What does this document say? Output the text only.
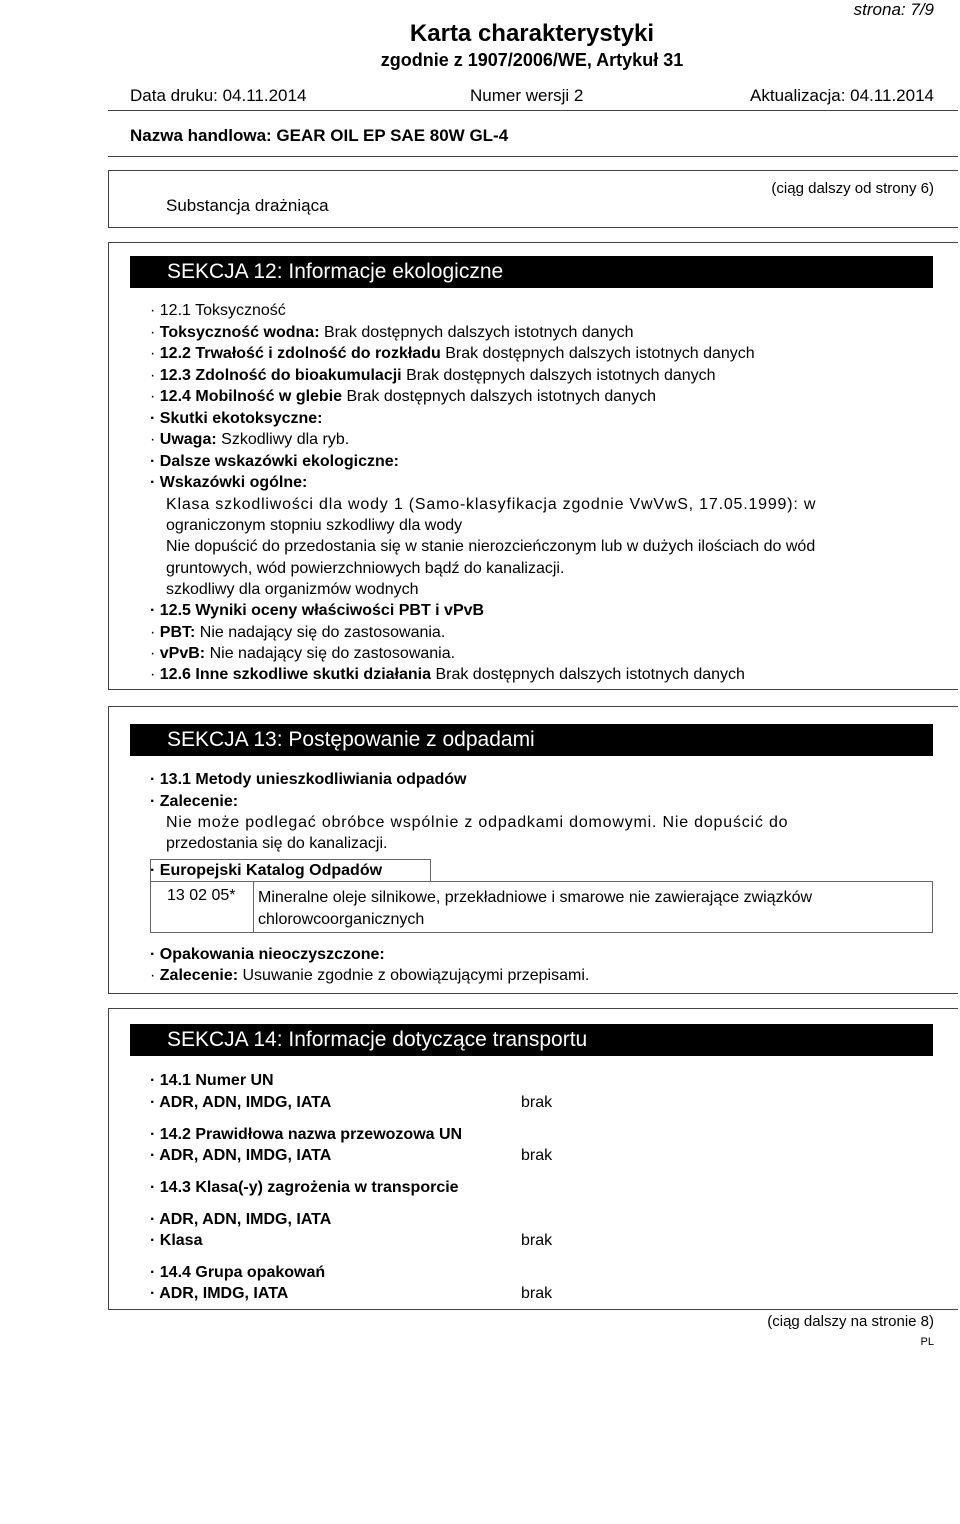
strona: 7/9
Karta charakterystyki
zgodnie z 1907/2006/WE, Artykuł 31
Data druku: 04.11.2014	Numer wersji 2	Aktualizacja: 04.11.2014
Nazwa handlowa: GEAR OIL EP SAE 80W GL-4
Substancja drażniąca
(ciąg dalszy od strony 6)
SEKCJA 12: Informacje ekologiczne
· 12.1 Toksyczność
· Toksyczność wodna: Brak dostępnych dalszych istotnych danych
· 12.2 Trwałość i zdolność do rozkładu Brak dostępnych dalszych istotnych danych
· 12.3 Zdolność do bioakumulacji Brak dostępnych dalszych istotnych danych
· 12.4 Mobilność w glebie Brak dostępnych dalszych istotnych danych
· Skutki ekotoksyczne:
· Uwaga: Szkodliwy dla ryb.
· Dalsze wskazówki ekologiczne:
· Wskazówki ogólne:
Klasa szkodliwości dla wody 1 (Samo-klasyfikacja zgodnie VwVwS, 17.05.1999): w
ograniczonym stopniu szkodliwy dla wody
Nie dopuścić do przedostania się w stanie nierozcieńczonym lub w dużych ilościach do wód
gruntowych, wód powierzchniowych bądź do kanalizacji.
szkodliwy dla organizmów wodnych
· 12.5 Wyniki oceny właściwości PBT i vPvB
· PBT: Nie nadający się do zastosowania.
· vPvB: Nie nadający się do zastosowania.
· 12.6 Inne szkodliwe skutki działania Brak dostępnych dalszych istotnych danych
SEKCJA 13: Postępowanie z odpadami
· 13.1 Metody unieszkodliwiania odpadów
· Zalecenie:
Nie może podlegać obróbce wspólnie z odpadkami domowymi. Nie dopuścić do
przedostania się do kanalizacji.
· Europejski Katalog Odpadów
13 02 05* Mineralne oleje silnikowe, przekładniowe i smarowe nie zawierające związków chlorowcoorganicznych
· Opakowania nieoczyszczone:
· Zalecenie: Usuwanie zgodnie z obowiązującymi przepisami.
SEKCJA 14: Informacje dotyczące transportu
· 14.1 Numer UN
· ADR, ADN, IMDG, IATA	brak
· 14.2 Prawidłowa nazwa przewozowa UN
· ADR, ADN, IMDG, IATA	brak
· 14.3 Klasa(-y) zagrożenia w transporcie
· ADR, ADN, IMDG, IATA
· Klasa	brak
· 14.4 Grupa opakowań
· ADR, IMDG, IATA	brak
(ciąg dalszy na stronie 8)
PL
